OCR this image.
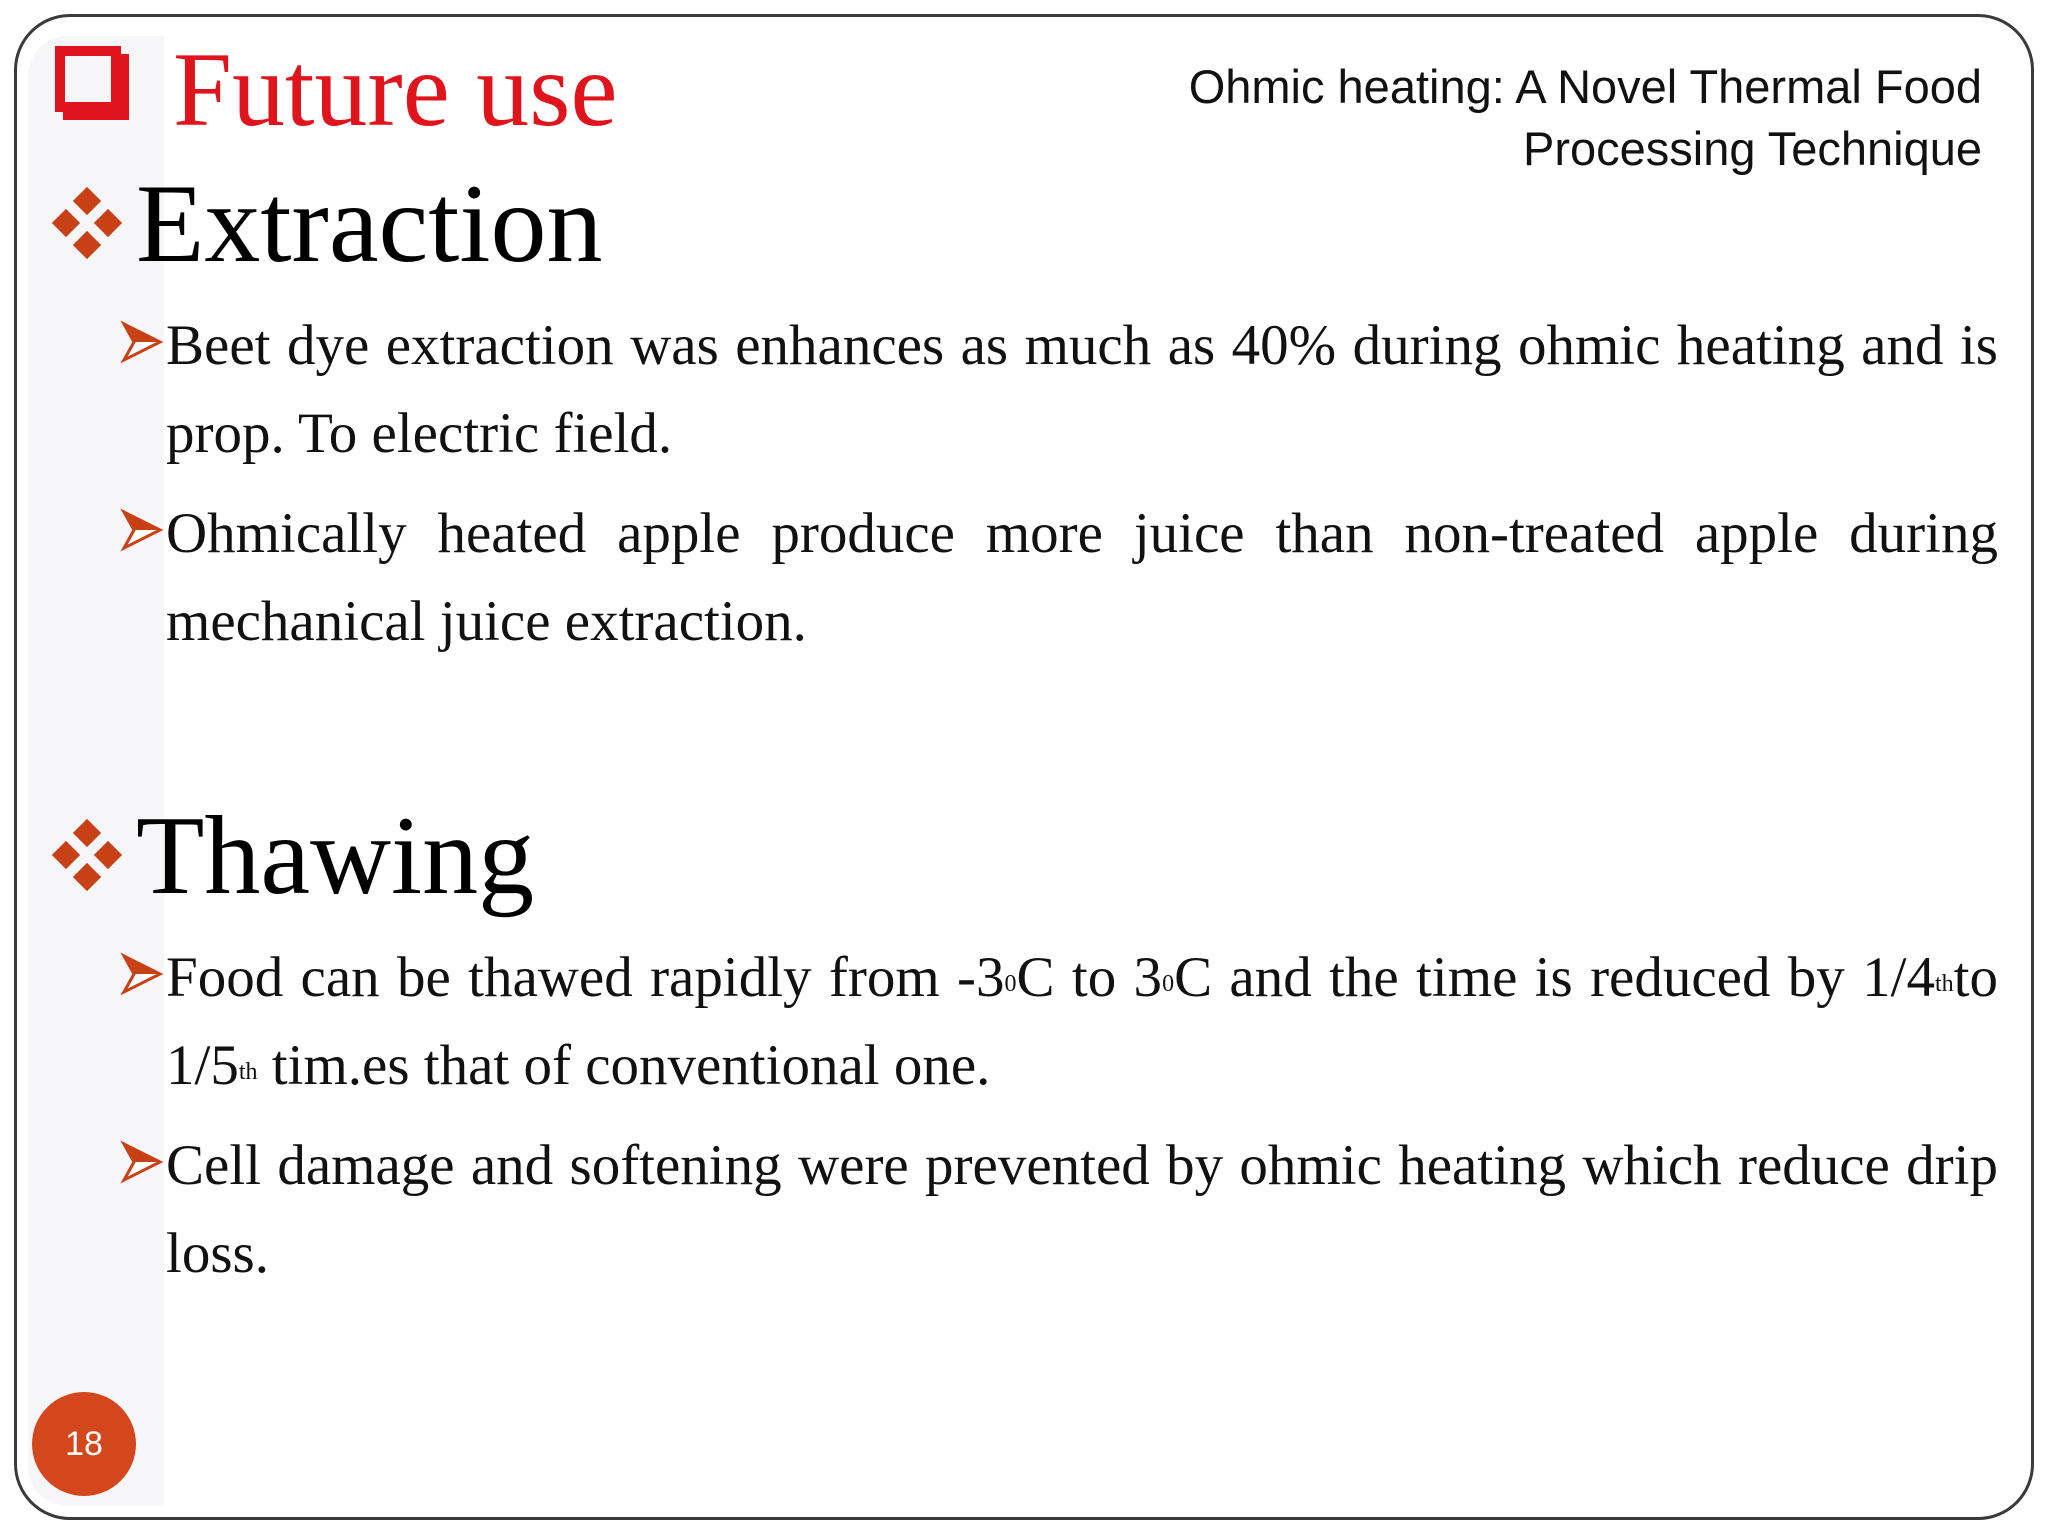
Future use	Ohmic heating: A Novel Thermal Food
Processing Technique
Extraction
Beet dye extraction was enhances as much as 40% during ohmic heating and is prop. To electric field.
Ohmically heated apple produce more juice than non-treated apple during mechanical juice extraction.
Thawing
Food can be thawed rapidly from $-3^0C$ to $3^0C$ and the time is reduced by 1/4thto 1/5th tim.es that of conventional one.
Cell damage and softening were prevented by ohmic heating which reduce drip loss.
18
